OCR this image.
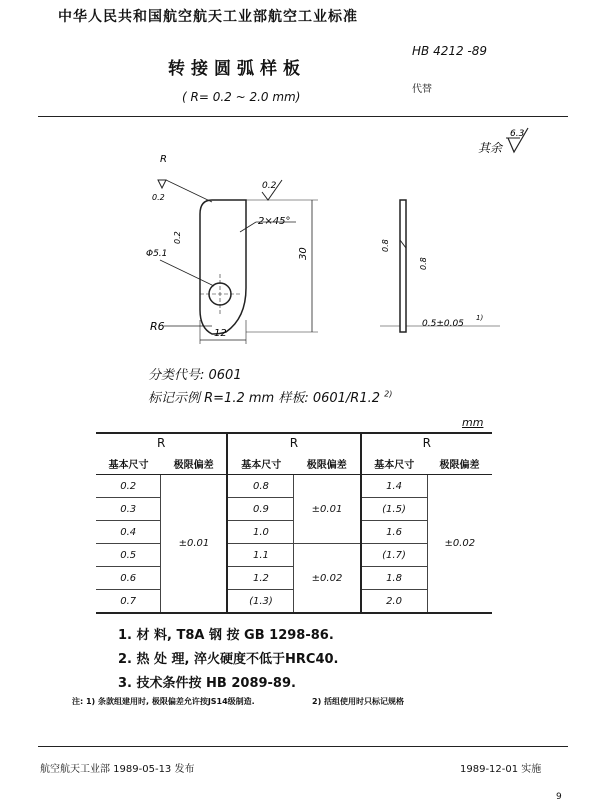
中华人民共和国航空航天工业部航空工业标准
转接圆弧样板
( R= 0.2 ~ 2.0 mm)
HB 4212 -89
代替
其余
6.3
R
0.2
0.2
2×45°
0.2
Φ5.1	30
R6
12
0.8
0.8
0.5±0.05
1)
分类代号: 0601
标记示例 R=1.2 mm 样板: 0601/R1.2 $^{2)}$
mm
R		R		R	
基本尺寸	极限偏差	基本尺寸	极限偏差	基本尺寸	极限偏差
0.2	±0.01	0.8	±0.01	1.4	±0.02
0.3		0.9		(1.5)	
0.4		1.0		1.6	
0.5		1.1	±0.02	(1.7)	
0.6		1.2		1.8	
0.7		(1.3)		2.0	
1. 材 料, T8A 钢 按 GB 1298-86.
2. 热 处 理, 淬火硬度不低于HRC40.
3. 技术条件按 HB 2089-89.
注: 1) 条款组建用时, 极限偏差允许按JS14级制造.	2) 括组使用时只标记规格
航空航天工业部 1989-05-13 发布	1989-12-01 实施
9
